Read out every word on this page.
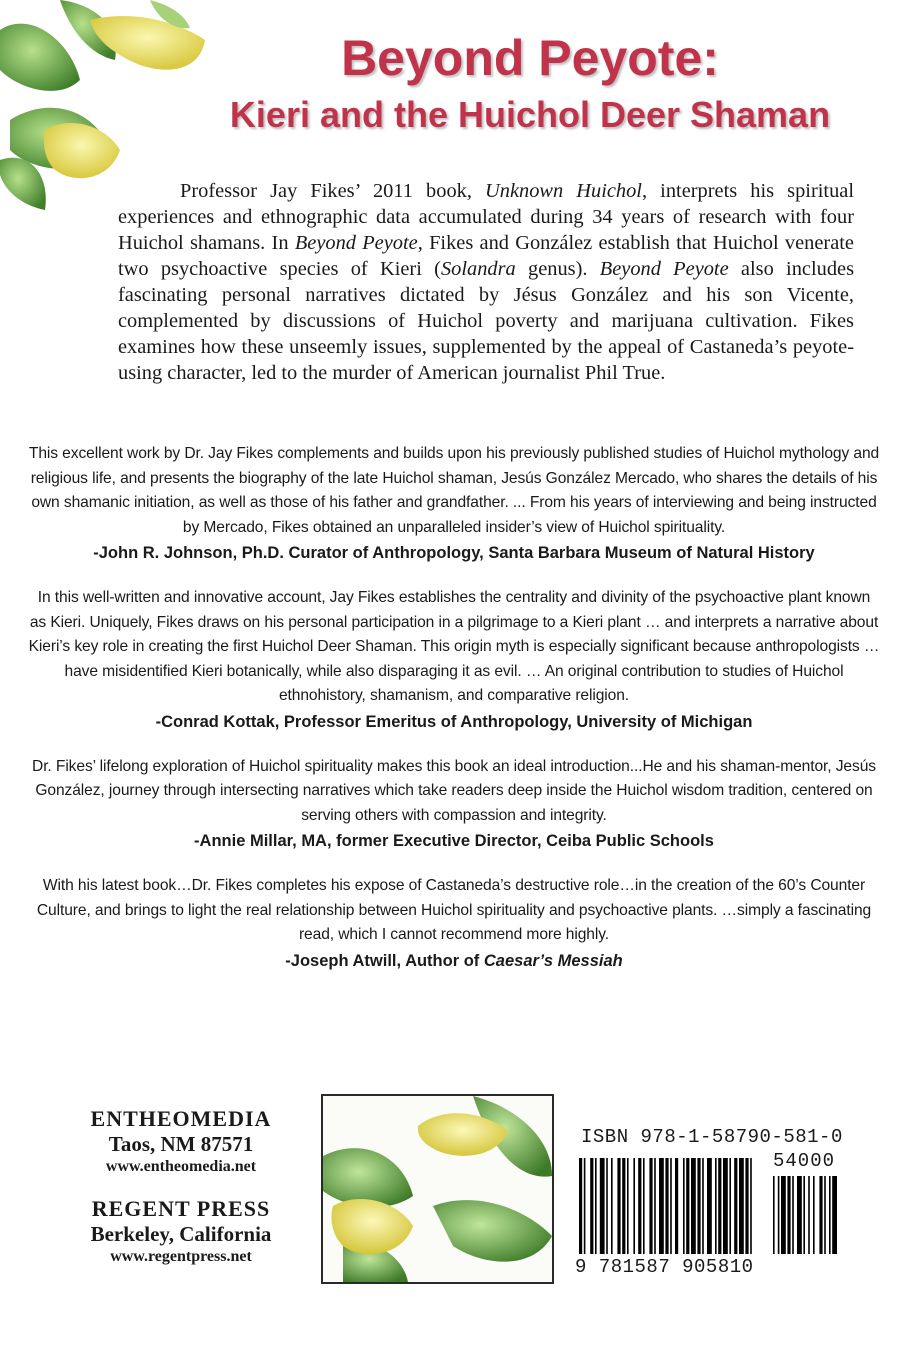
Beyond Peyote:
Kieri and the Huichol Deer Shaman

Professor Jay Fikes’ 2011 book, Unknown Huichol, interprets his spiritual experiences and ethnographic data accumulated during 34 years of research with four Huichol shamans. In Beyond Peyote, Fikes and González establish that Huichol venerate two psychoactive species of Kieri (Solandra genus). Beyond Peyote also includes fascinating personal narratives dictated by Jésus González and his son Vicente, complemented by discussions of Huichol poverty and marijuana cultivation. Fikes examines how these unseemly issues, supplemented by the appeal of Castaneda’s peyote-using character, led to the murder of American journalist Phil True.

This excellent work by Dr. Jay Fikes complements and builds upon his previously published studies of Huichol mythology and religious life, and presents the biography of the late Huichol shaman, Jesús González Mercado, who shares the details of his own shamanic initiation, as well as those of his father and grandfather. ... From his years of interviewing and being instructed by Mercado, Fikes obtained an unparalleled insider’s view of Huichol spirituality.

-John R. Johnson, Ph.D. Curator of Anthropology, Santa Barbara Museum of Natural History

In this well-written and innovative account, Jay Fikes establishes the centrality and divinity of the psychoactive plant known as Kieri. Uniquely, Fikes draws on his personal participation in a pilgrimage to a Kieri plant … and interprets a narrative about Kieri’s key role in creating the first Huichol Deer Shaman. This origin myth is especially significant because anthropologists … have misidentified Kieri botanically, while also disparaging it as evil. … An original contribution to studies of Huichol ethnohistory, shamanism, and comparative religion.

-Conrad Kottak, Professor Emeritus of Anthropology, University of Michigan

Dr. Fikes’ lifelong exploration of Huichol spirituality makes this book an ideal introduction...He and his shaman-mentor, Jesús González, journey through intersecting narratives which take readers deep inside the Huichol wisdom tradition, centered on serving others with compassion and integrity.

-Annie Millar, MA, former Executive Director, Ceiba Public Schools

With his latest book…Dr. Fikes completes his expose of Castaneda’s destructive role…in the creation of the 60’s Counter Culture, and brings to light the real relationship between Huichol spirituality and psychoactive plants. …simply a fascinating read, which I cannot recommend more highly.

-Joseph Atwill, Author of Caesar’s Messiah

ENTHEOMEDIA

Taos, NM 87571

www.entheomedia.net

REGENT PRESS

Berkeley, California

www.regentpress.net

ISBN 978-1-58790-581-0
54000
9 781587 905810
